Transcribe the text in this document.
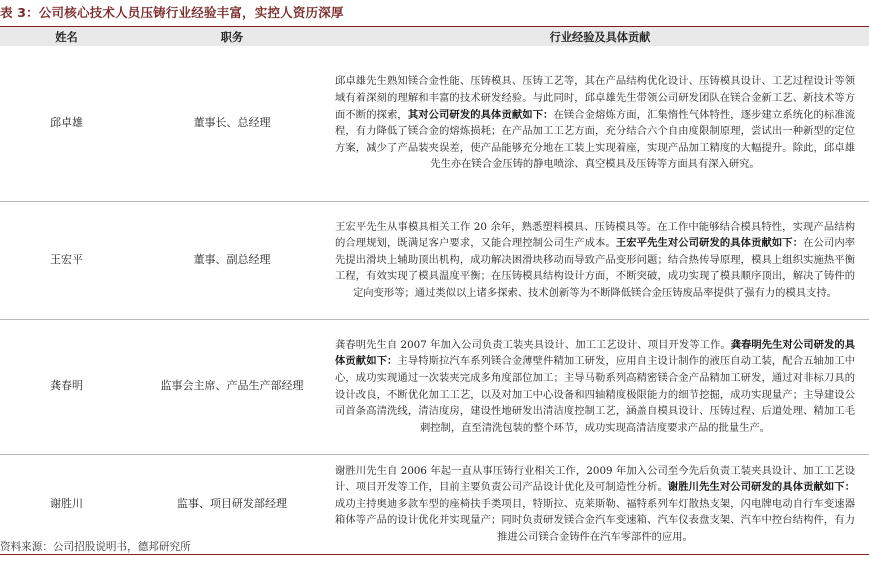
表 3：公司核心技术人员压铸行业经验丰富，实控人资历深厚
姓名	职务	行业经验及具体贡献
邱卓雄	董事长、总经理	邱卓雄先生熟知镁合金性能、压铸模具、压铸工艺等，其在产品结构优化设计、压铸模具设计、工艺过程设计等领域有着深刻的理解和丰富的技术研发经验。与此同时，邱卓雄先生带领公司研发团队在镁合金新工艺、新技术等方面不断的探索，其对公司研发的具体贡献如下：在镁合金熔炼方面，汇集惰性气体特性，逐步建立系统化的标准流程，有力降低了镁合金的熔炼损耗；在产品加工工艺方面，充分结合六个自由度限制原理，尝试出一种新型的定位方案，减少了产品装夹误差，使产品能够充分地在工装上实现着座，实现产品加工精度的大幅提升。除此，邱卓雄先生亦在镁合金压铸的静电喷涂、真空模具及压铸等方面具有深入研究。
王宏平	董事、副总经理	王宏平先生从事模具相关工作 20 余年，熟悉塑料模具、压铸模具等。在工作中能够结合模具特性，实现产品结构的合理规划，既满足客户要求，又能合理控制公司生产成本。王宏平先生对公司研发的具体贡献如下：在公司内率先提出滑块上辅助顶出机构，成功解决困滑块移动而导致产品变形问题；结合热传导原理，模具上组织实施热平衡工程，有效实现了模具温度平衡；在压铸模具结构设计方面，不断突破，成功实现了模具顺序顶出，解决了铸件的定向变形等；通过类似以上诸多探索、技术创新等为不断降低镁合金压铸废品率提供了强有力的模具支持。
龚春明	监事会主席、产品生产部经理	龚春明先生自 2007 年加入公司负责工装夹具设计、加工工艺设计、项目开发等工作。龚春明先生对公司研发的具体贡献如下：主导特斯拉汽车系列镁合金薄壁件精加工研发，应用自主设计制作的液压自动工装，配合五轴加工中心，成功实现通过一次装夹完成多角度部位加工；主导马勒系列高精密镁合金产品精加工研发，通过对非标刀具的设计改良，不断优化加工工艺，以及对加工中心设备和四轴精度极限能力的细节挖掘，成功实现量产；主导建设公司首条高清洗线，清洁度房，建设性地研发出清洁度控制工艺，涵盖自模具设计、压铸过程、后道处理、精加工毛刺控制，直至清洗包装的整个环节，成功实现高清洁度要求产品的批量生产。
谢胜川	监事、项目研发部经理	谢胜川先生自 2006 年起一直从事压铸行业相关工作，2009 年加入公司至今先后负责工装夹具设计、加工工艺设计、项目开发等工作，目前主要负责公司产品设计优化及可制造性分析。谢胜川先生对公司研发的具体贡献如下：成功主持奥迪多款车型的座椅扶手类项目，特斯拉、克莱斯勒、福特系列车灯散热支架，闪电牌电动自行车变速器箱体等产品的设计优化并实现量产；同时负责研发镁合金汽车变速箱、汽车仪表盘支架、汽车中控台结构件，有力推进公司镁合金铸件在汽车零部件的应用。
资料来源：公司招股说明书，德邦研究所
